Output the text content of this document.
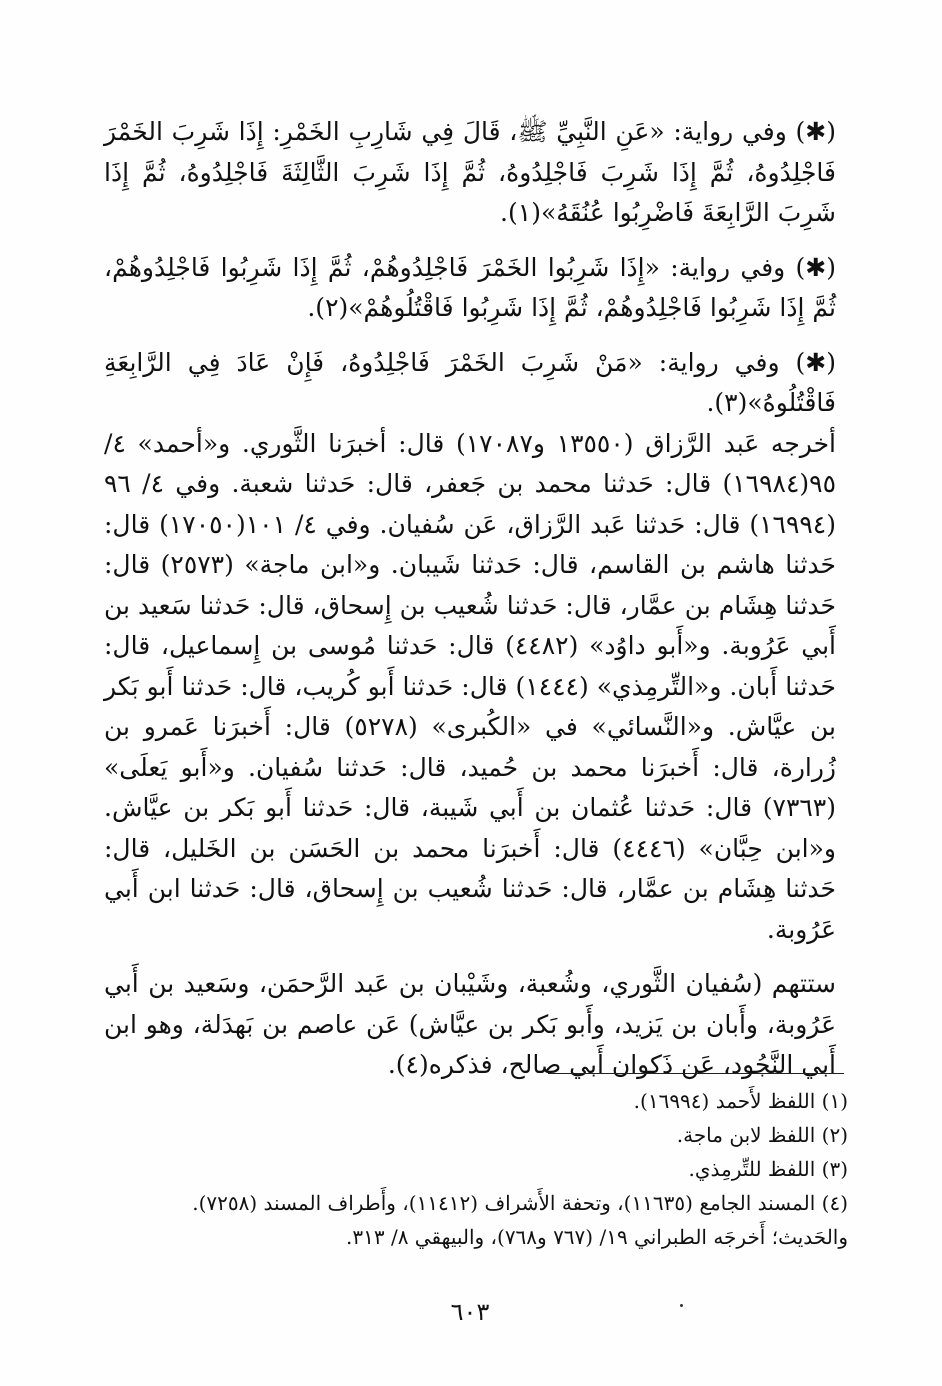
(✱) وفي رواية: «عَنِ النَّبِيِّ ﷺ، قَالَ فِي شَارِبِ الخَمْرِ: إِذَا شَرِبَ الخَمْرَ فَاجْلِدُوهُ، ثُمَّ إِذَا شَرِبَ فَاجْلِدُوهُ، ثُمَّ إِذَا شَرِبَ الثَّالِثَةَ فَاجْلِدُوهُ، ثُمَّ إِذَا شَرِبَ الرَّابِعَةَ فَاضْرِبُوا عُنُقَهُ»(١).

(✱) وفي رواية: «إِذَا شَرِبُوا الخَمْرَ فَاجْلِدُوهُمْ، ثُمَّ إِذَا شَرِبُوا فَاجْلِدُوهُمْ، ثُمَّ إِذَا شَرِبُوا فَاجْلِدُوهُمْ، ثُمَّ إِذَا شَرِبُوا فَاقْتُلُوهُمْ»(٢).

(✱) وفي رواية: «مَنْ شَرِبَ الخَمْرَ فَاجْلِدُوهُ، فَإِنْ عَادَ فِي الرَّابِعَةِ فَاقْتُلُوهُ»(٣).

أخرجه عَبد الرَّزاق (١٣٥٥٠ و١٧٠٨٧) قال: أخبرَنا الثَّوري. و«أحمد» ٤/ ٩٥(١٦٩٨٤) قال: حَدثنا محمد بن جَعفر، قال: حَدثنا شعبة. وفي ٤/ ٩٦ (١٦٩٩٤) قال: حَدثنا عَبد الرَّزاق، عَن سُفيان. وفي ٤/ ١٠١(١٧٠٥٠) قال: حَدثنا هاشم بن القاسم، قال: حَدثنا شَيبان. و«ابن ماجة» (٢٥٧٣) قال: حَدثنا هِشَام بن عمَّار، قال: حَدثنا شُعيب بن إِسحاق، قال: حَدثنا سَعيد بن أَبي عَرُوبة. و«أَبو داوُد» (٤٤٨٢) قال: حَدثنا مُوسى بن إِسماعيل، قال: حَدثنا أَبان. و«التِّرمِذي» (١٤٤٤) قال: حَدثنا أَبو كُريب، قال: حَدثنا أَبو بَكر بن عيَّاش. و«النَّسائي» في «الكُبرى» (٥٢٧٨) قال: أَخبرَنا عَمرو بن زُرارة، قال: أَخبرَنا محمد بن حُميد، قال: حَدثنا سُفيان. و«أَبو يَعلَى» (٧٣٦٣) قال: حَدثنا عُثمان بن أَبي شَيبة، قال: حَدثنا أَبو بَكر بن عيَّاش. و«ابن حِبَّان» (٤٤٤٦) قال: أَخبرَنا محمد بن الحَسَن بن الخَليل، قال: حَدثنا هِشَام بن عمَّار، قال: حَدثنا شُعيب بن إِسحاق، قال: حَدثنا ابن أَبي عَرُوبة.

ستتهم (سُفيان الثَّوري، وشُعبة، وشَيْبان بن عَبد الرَّحمَن، وسَعيد بن أَبي عَرُوبة، وأَبان بن يَزيد، وأَبو بَكر بن عيَّاش) عَن عاصم بن بَهدَلة، وهو ابن أَبي النَّجُود، عَن ذَكوان أَبي صالح، فذكره(٤).

(١) اللفظ لأَحمد (١٦٩٩٤).

(٢) اللفظ لابن ماجة.

(٣) اللفظ للتِّرمِذي.

(٤) المسند الجامع (١١٦٣٥)، وتحفة الأَشراف (١١٤١٢)، وأَطراف المسند (٧٢٥٨).

والحَديث؛ أَخرجَه الطبراني ١٩/ (٧٦٧ و٧٦٨)، والبيهقي ٨/ ٣١٣.

٦٠٣
